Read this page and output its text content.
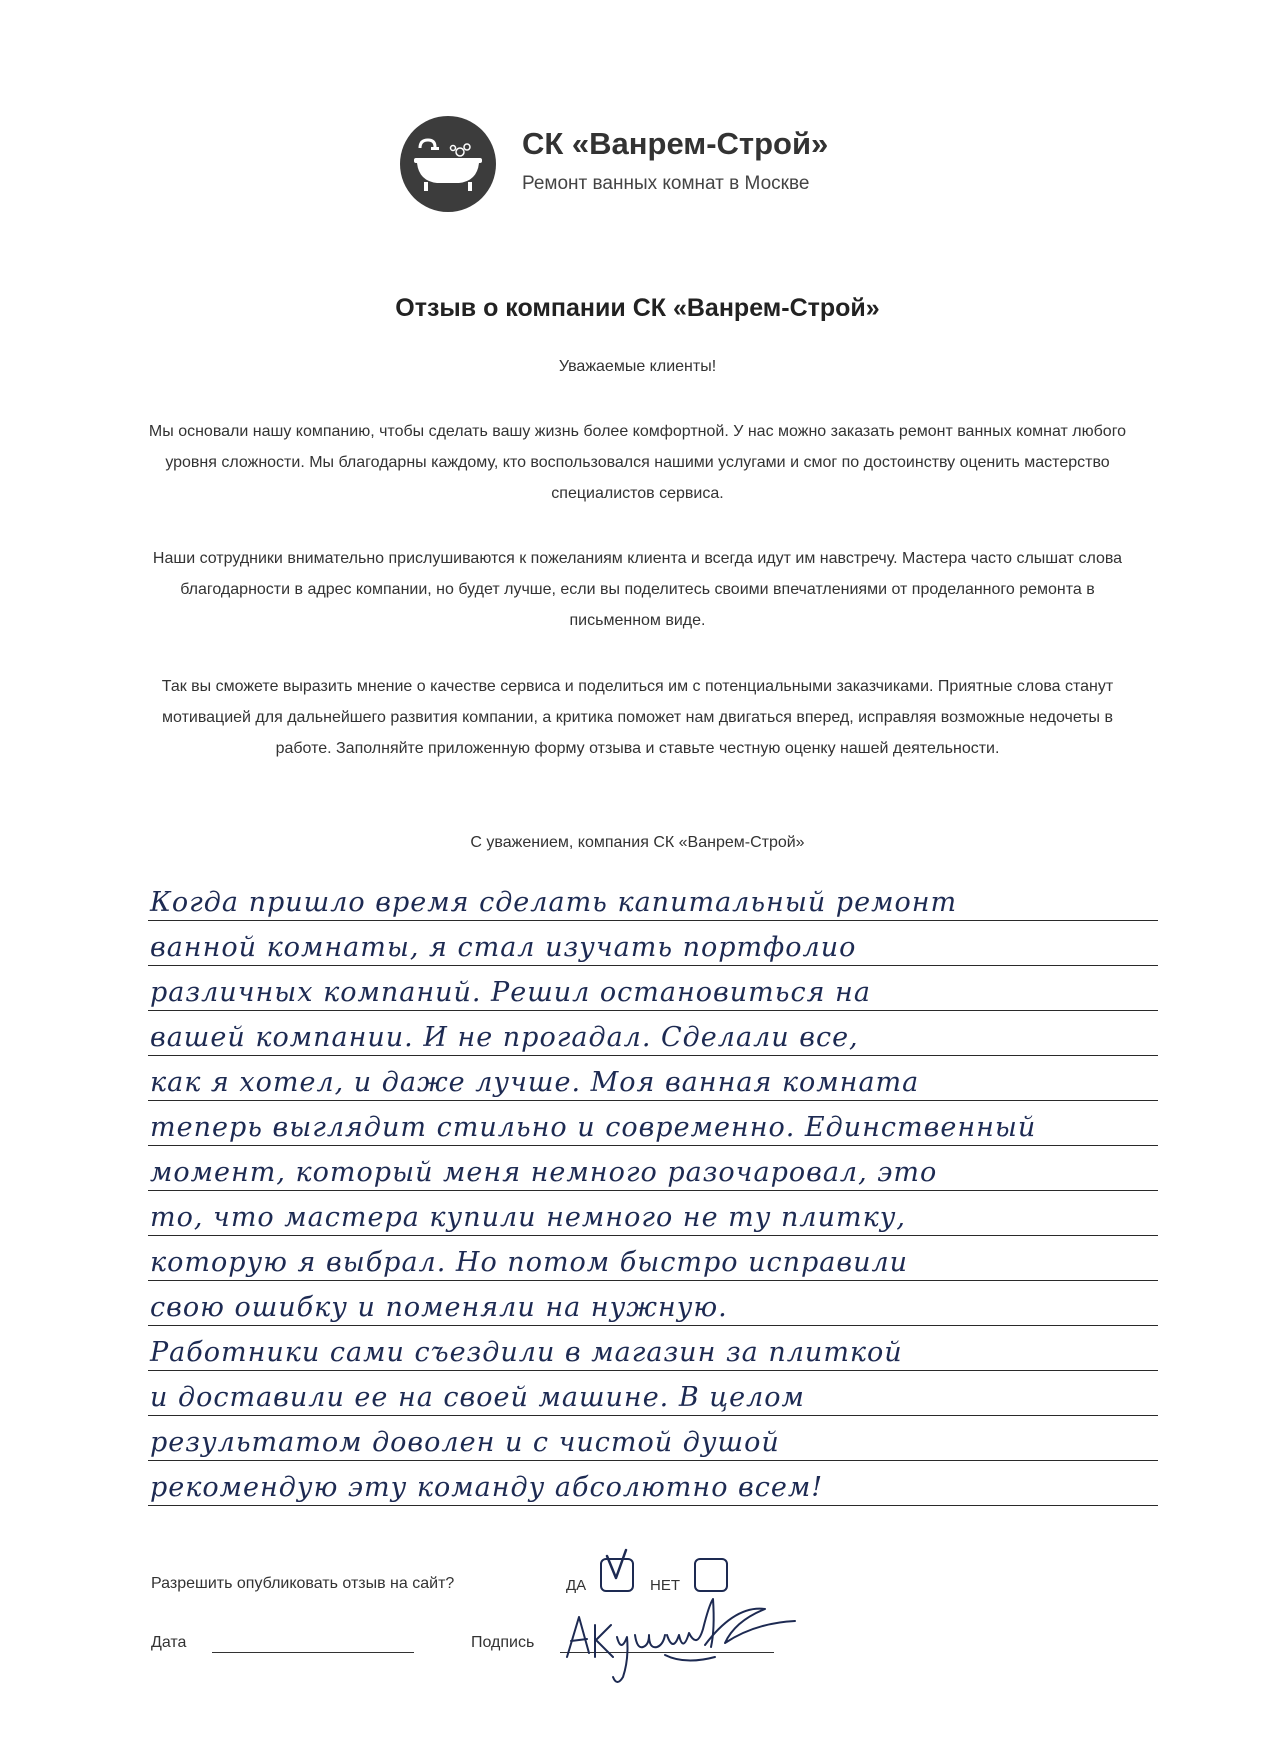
СК «Ванрем-Строй»
Ремонт ванных комнат в Москве
Отзыв о компании СК «Ванрем-Строй»
Уважаемые клиенты!
Мы основали нашу компанию, чтобы сделать вашу жизнь более комфортной. У нас можно заказать ремонт ванных комнат любого уровня сложности. Мы благодарны каждому, кто воспользовался нашими услугами и смог по достоинству оценить мастерство специалистов сервиса.
Наши сотрудники внимательно прислушиваются к пожеланиям клиента и всегда идут им навстречу. Мастера часто слышат слова благодарности в адрес компании, но будет лучше, если вы поделитесь своими впечатлениями от проделанного ремонта в письменном виде.
Так вы сможете выразить мнение о качестве сервиса и поделиться им с потенциальными заказчиками. Приятные слова станут мотивацией для дальнейшего развития компании, а критика поможет нам двигаться вперед, исправляя возможные недочеты в работе. Заполняйте приложенную форму отзыва и ставьте честную оценку нашей деятельности.
С уважением, компания СК «Ванрем-Строй»
Когда пришло время сделать капитальный ремонт
ванной комнаты, я стал изучать портфолио
различных компаний. Решил остановиться на
вашей компании. И не прогадал. Сделали все,
как я хотел, и даже лучше. Моя ванная комната
теперь выглядит стильно и современно. Единственный
момент, который меня немного разочаровал, это
то, что мастера купили немного не ту плитку,
которую я выбрал. Но потом быстро исправили
свою ошибку и поменяли на нужную.
Работники сами съездили в магазин за плиткой
и доставили ее на своей машине. В целом
результатом доволен и с чистой душой
рекомендую эту команду абсолютно всем!
Разрешить опубликовать отзыв на сайт?	ДА	НЕТ
Дата	Подпись
